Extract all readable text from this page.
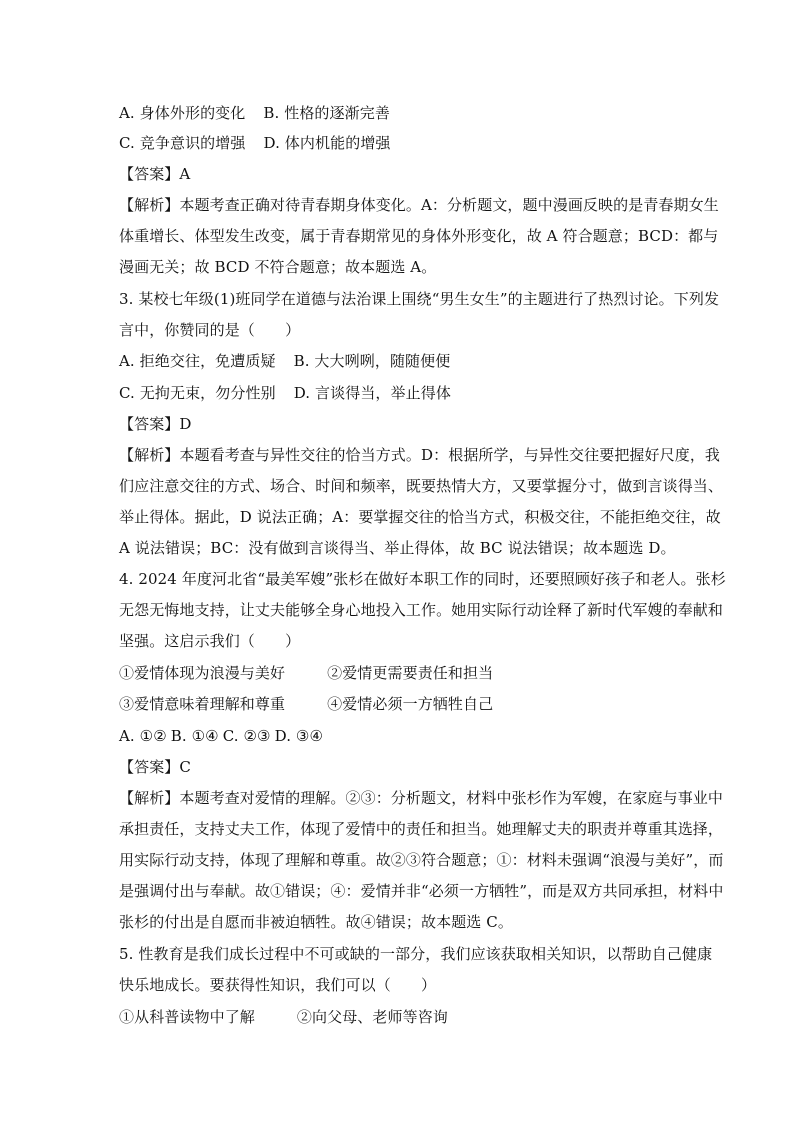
A. 身体外形的变化 B. 性格的逐渐完善
C. 竞争意识的增强 D. 体内机能的增强
【答案】A
【解析】本题考查正确对待青春期身体变化。A：分析题文，题中漫画反映的是青春期女生
体重增长、体型发生改变，属于青春期常见的身体外形变化，故 A 符合题意；BCD：都与
漫画无关；故 BCD 不符合题意；故本题选 A。
3. 某校七年级(1)班同学在道德与法治课上围绕“男生女生”的主题进行了热烈讨论。下列发
言中，你赞同的是（　　）
A. 拒绝交往，免遭质疑 B. 大大咧咧，随随便便
C. 无拘无束，勿分性别 D. 言谈得当，举止得体
【答案】D
【解析】本题看考查与异性交往的恰当方式。D：根据所学，与异性交往要把握好尺度，我
们应注意交往的方式、场合、时间和频率，既要热情大方，又要掌握分寸，做到言谈得当、
举止得体。据此，D 说法正确；A：要掌握交往的恰当方式，积极交往，不能拒绝交往，故
A 说法错误；BC：没有做到言谈得当、举止得体，故 BC 说法错误；故本题选 D。
4. 2024 年度河北省“最美军嫂”张杉在做好本职工作的同时，还要照顾好孩子和老人。张杉
无怨无悔地支持，让丈夫能够全身心地投入工作。她用实际行动诠释了新时代军嫂的奉献和
坚强。这启示我们（　　）
①爱情体现为浪漫与美好	②爱情更需要责任和担当
③爱情意味着理解和尊重	④爱情必须一方牺牲自己
A. ①② B. ①④ C. ②③ D. ③④
【答案】C
【解析】本题考查对爱情的理解。②③：分析题文，材料中张杉作为军嫂，在家庭与事业中
承担责任，支持丈夫工作，体现了爱情中的责任和担当。她理解丈夫的职责并尊重其选择，
用实际行动支持，体现了理解和尊重。故②③符合题意；①：材料未强调“浪漫与美好”，而
是强调付出与奉献。故①错误；④：爱情并非“必须一方牺牲”，而是双方共同承担，材料中
张杉的付出是自愿而非被迫牺牲。故④错误；故本题选 C。
5. 性教育是我们成长过程中不可或缺的一部分，我们应该获取相关知识，以帮助自己健康
快乐地成长。要获得性知识，我们可以（　　）
①从科普读物中了解	②向父母、老师等咨询
